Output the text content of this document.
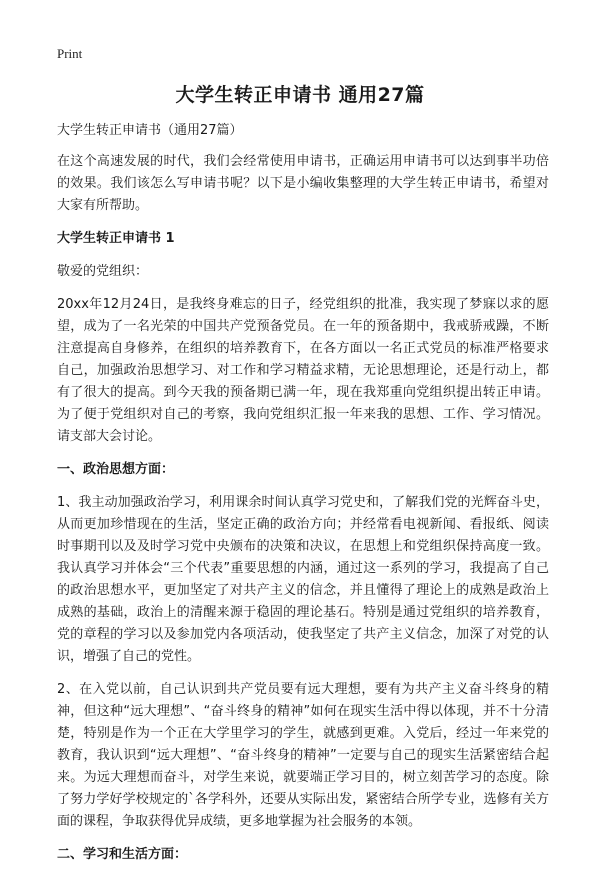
Print
大学生转正申请书 通用27篇

大学生转正申请书（通用27篇）

在这个高速发展的时代，我们会经常使用申请书，正确运用申请书可以达到事半功倍的效果。我们该怎么写申请书呢？以下是小编收集整理的大学生转正申请书，希望对大家有所帮助。

大学生转正申请书 1

敬爱的党组织：

20xx年12月24日，是我终身难忘的日子，经党组织的批准，我实现了梦寐以求的愿望，成为了一名光荣的中国共产党预备党员。在一年的预备期中，我戒骄戒躁，不断注意提高自身修养，在组织的培养教育下，在各方面以一名正式党员的标准严格要求自己，加强政治思想学习、对工作和学习精益求精，无论思想理论，还是行动上，都有了很大的提高。到今天我的预备期已满一年，现在我郑重向党组织提出转正申请。为了便于党组织对自己的考察，我向党组织汇报一年来我的思想、工作、学习情况。请支部大会讨论。

一、政治思想方面：

1、我主动加强政治学习，利用课余时间认真学习党史和，了解我们党的光辉奋斗史，从而更加珍惜现在的生活，坚定正确的政治方向；并经常看电视新闻、看报纸、阅读时事期刊以及及时学习党中央颁布的决策和决议，在思想上和党组织保持高度一致。我认真学习并体会“三个代表”重要思想的内涵，通过这一系列的学习，我提高了自己的政治思想水平，更加坚定了对共产主义的信念，并且懂得了理论上的成熟是政治上成熟的基础，政治上的清醒来源于稳固的理论基石。特别是通过党组织的培养教育，党的章程的学习以及参加党内各项活动，使我坚定了共产主义信念，加深了对党的认识，增强了自己的党性。

2、在入党以前，自己认识到共产党员要有远大理想，要有为共产主义奋斗终身的精神，但这种“远大理想”、“奋斗终身的精神”如何在现实生活中得以体现，并不十分清楚，特别是作为一个正在大学里学习的学生，就感到更难。入党后，经过一年来党的教育，我认识到“远大理想”、“奋斗终身的精神”一定要与自己的现实生活紧密结合起来。为远大理想而奋斗，对学生来说，就要端正学习目的，树立刻苦学习的态度。除了努力学好学校规定的`各学科外，还要从实际出发，紧密结合所学专业，选修有关方面的课程，争取获得优异成绩，更多地掌握为社会服务的本领。

二、学习和生活方面：
